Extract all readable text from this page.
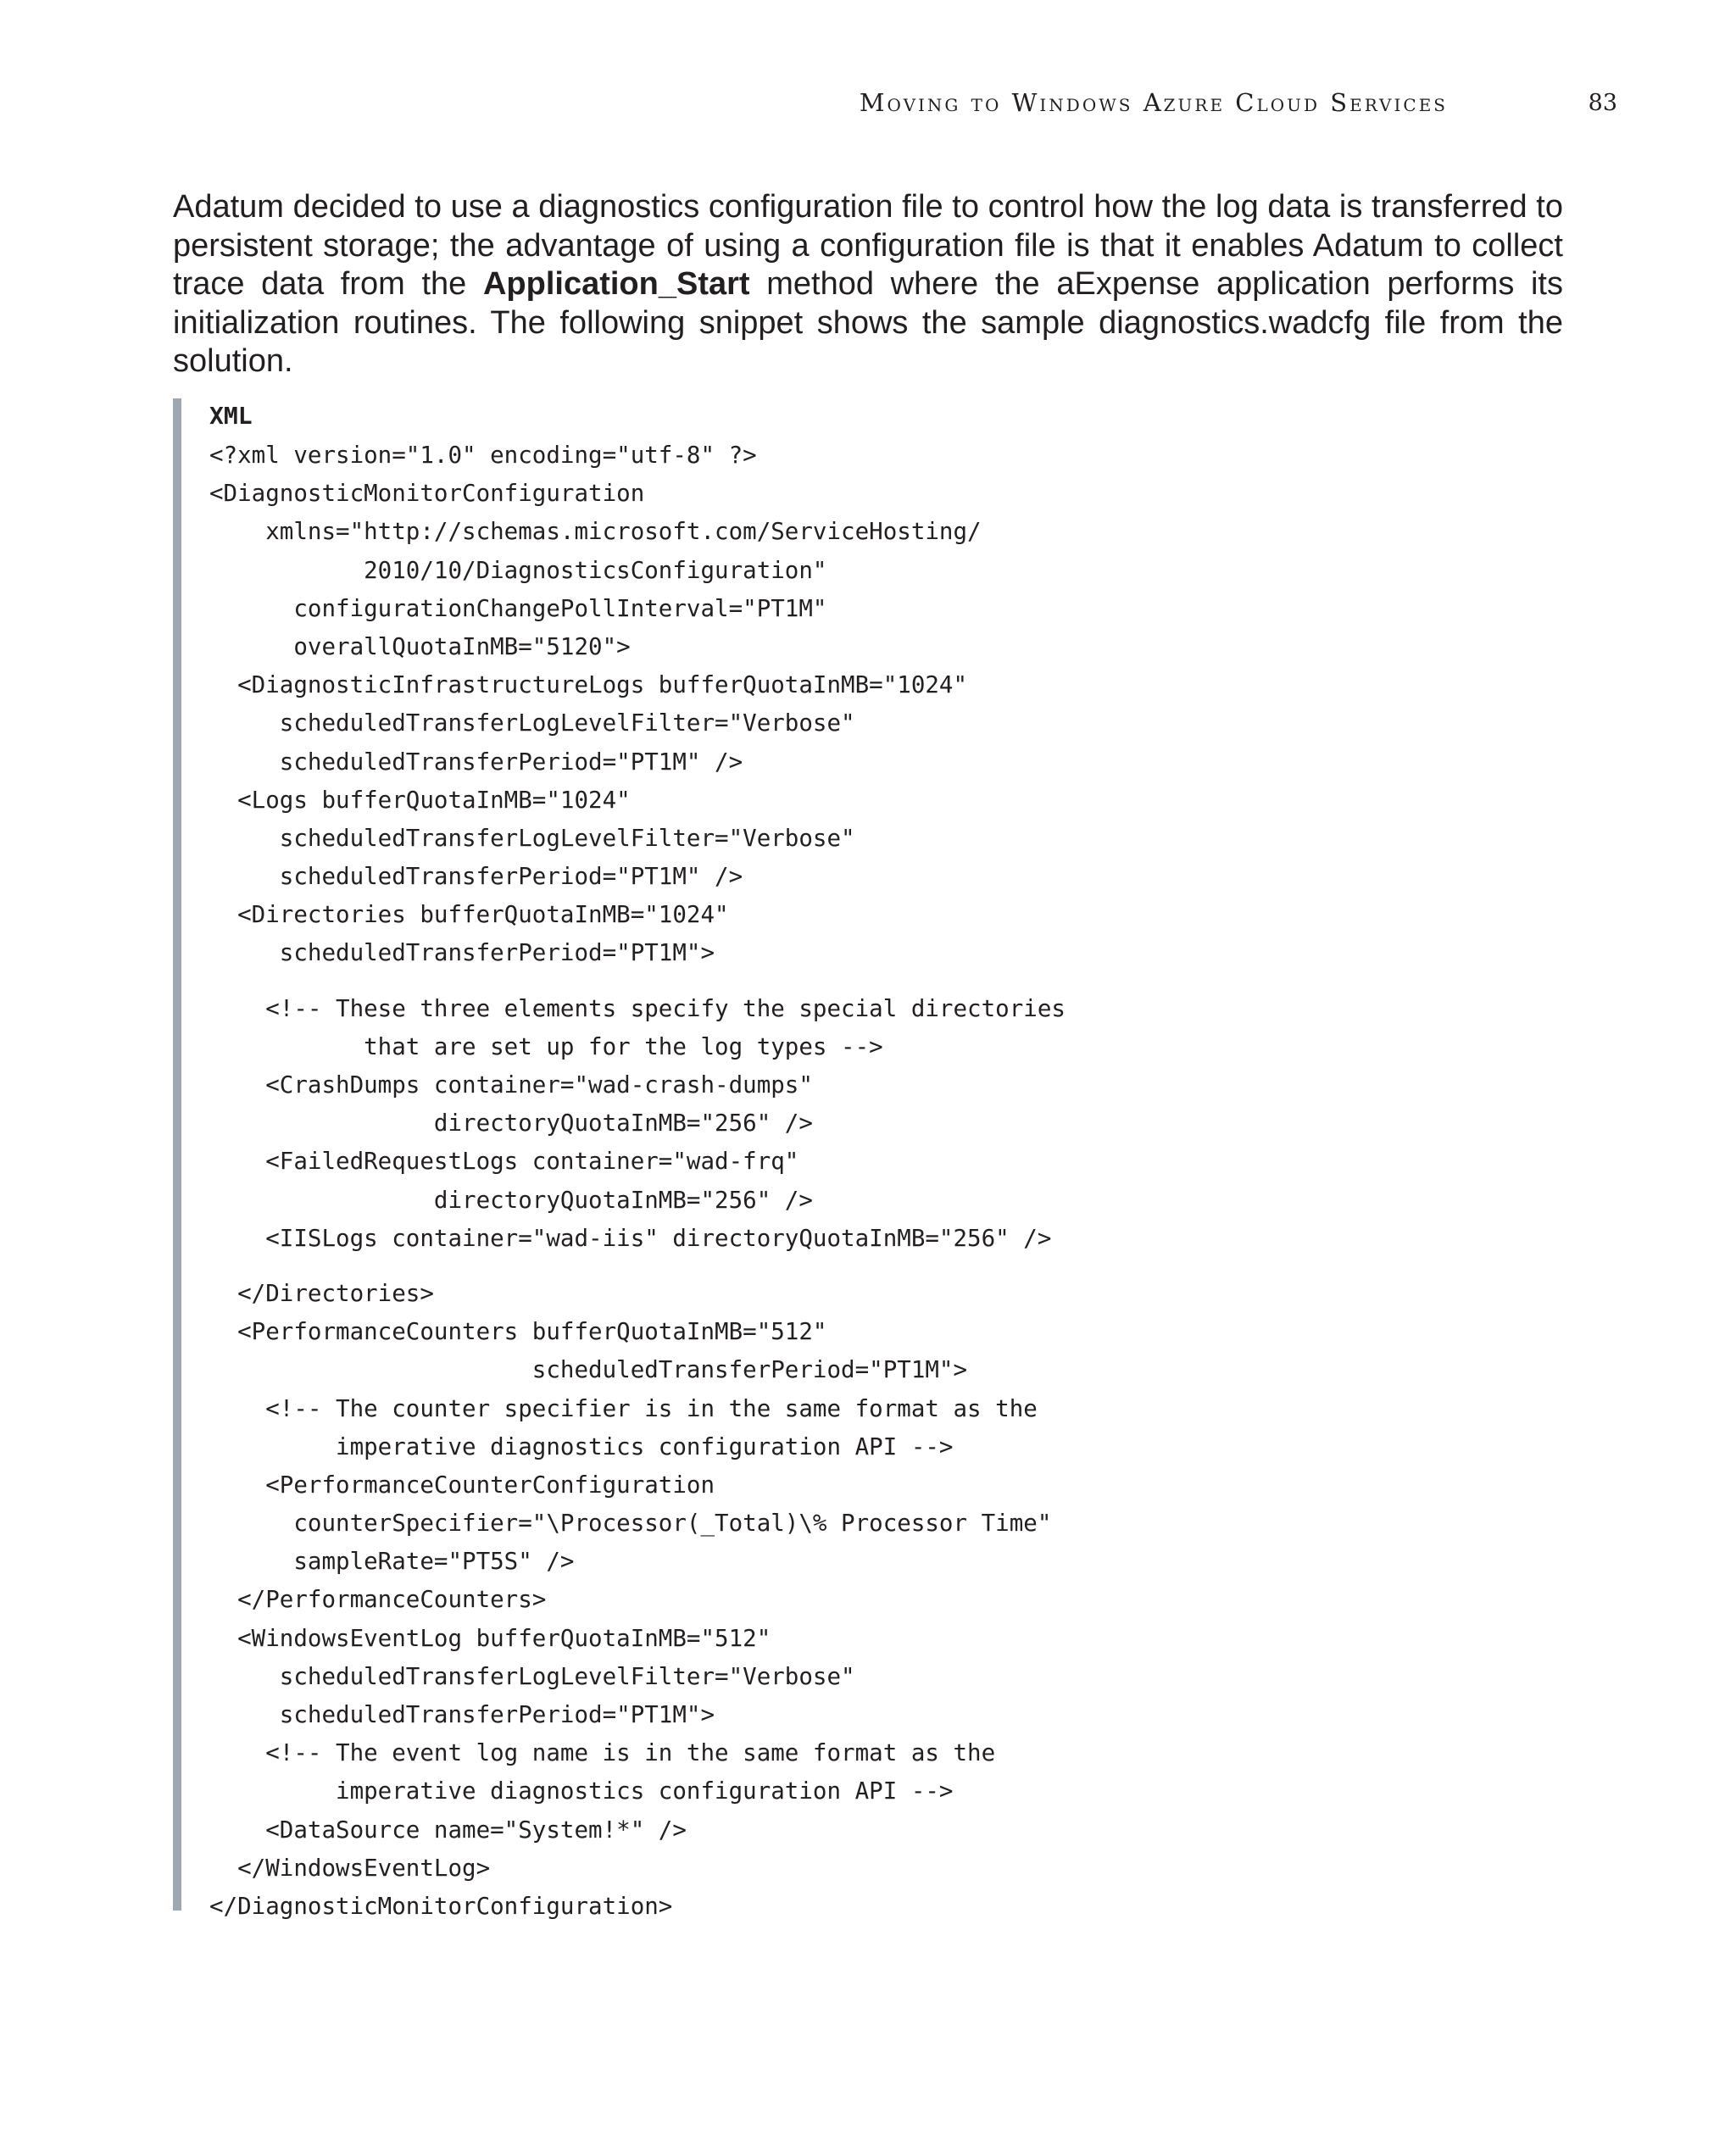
Moving to Windows Azure Cloud Services	83

Adatum decided to use a diagnostics configuration file to control how the log data is transferred to persistent storage; the advantage of using a configuration file is that it enables Adatum to collect trace data from the Application_Start method where the aExpense application performs its initialization routines. The following snippet shows the sample diagnostics.wadcfg file from the solution.

XML
<?xml version="1.0" encoding="utf-8" ?>
<DiagnosticMonitorConfiguration
xmlns="http://schemas.microsoft.com/ServiceHosting/
2010/10/DiagnosticsConfiguration"
configurationChangePollInterval="PT1M"
overallQuotaInMB="5120">
<DiagnosticInfrastructureLogs bufferQuotaInMB="1024"
scheduledTransferLogLevelFilter="Verbose"
scheduledTransferPeriod="PT1M" />
<Logs bufferQuotaInMB="1024"
scheduledTransferLogLevelFilter="Verbose"
scheduledTransferPeriod="PT1M" />
<Directories bufferQuotaInMB="1024"
scheduledTransferPeriod="PT1M">
<!-- These three elements specify the special directories
that are set up for the log types -->
<CrashDumps container="wad-crash-dumps"
directoryQuotaInMB="256" />
<FailedRequestLogs container="wad-frq"
directoryQuotaInMB="256" />
<IISLogs container="wad-iis" directoryQuotaInMB="256" />
</Directories>
<PerformanceCounters bufferQuotaInMB="512"
scheduledTransferPeriod="PT1M">
<!-- The counter specifier is in the same format as the
imperative diagnostics configuration API -->
<PerformanceCounterConfiguration
counterSpecifier="\Processor(_Total)\% Processor Time"
sampleRate="PT5S" />
</PerformanceCounters>
<WindowsEventLog bufferQuotaInMB="512"
scheduledTransferLogLevelFilter="Verbose"
scheduledTransferPeriod="PT1M">
<!-- The event log name is in the same format as the
imperative diagnostics configuration API -->
<DataSource name="System!*" />
</WindowsEventLog>
</DiagnosticMonitorConfiguration>
